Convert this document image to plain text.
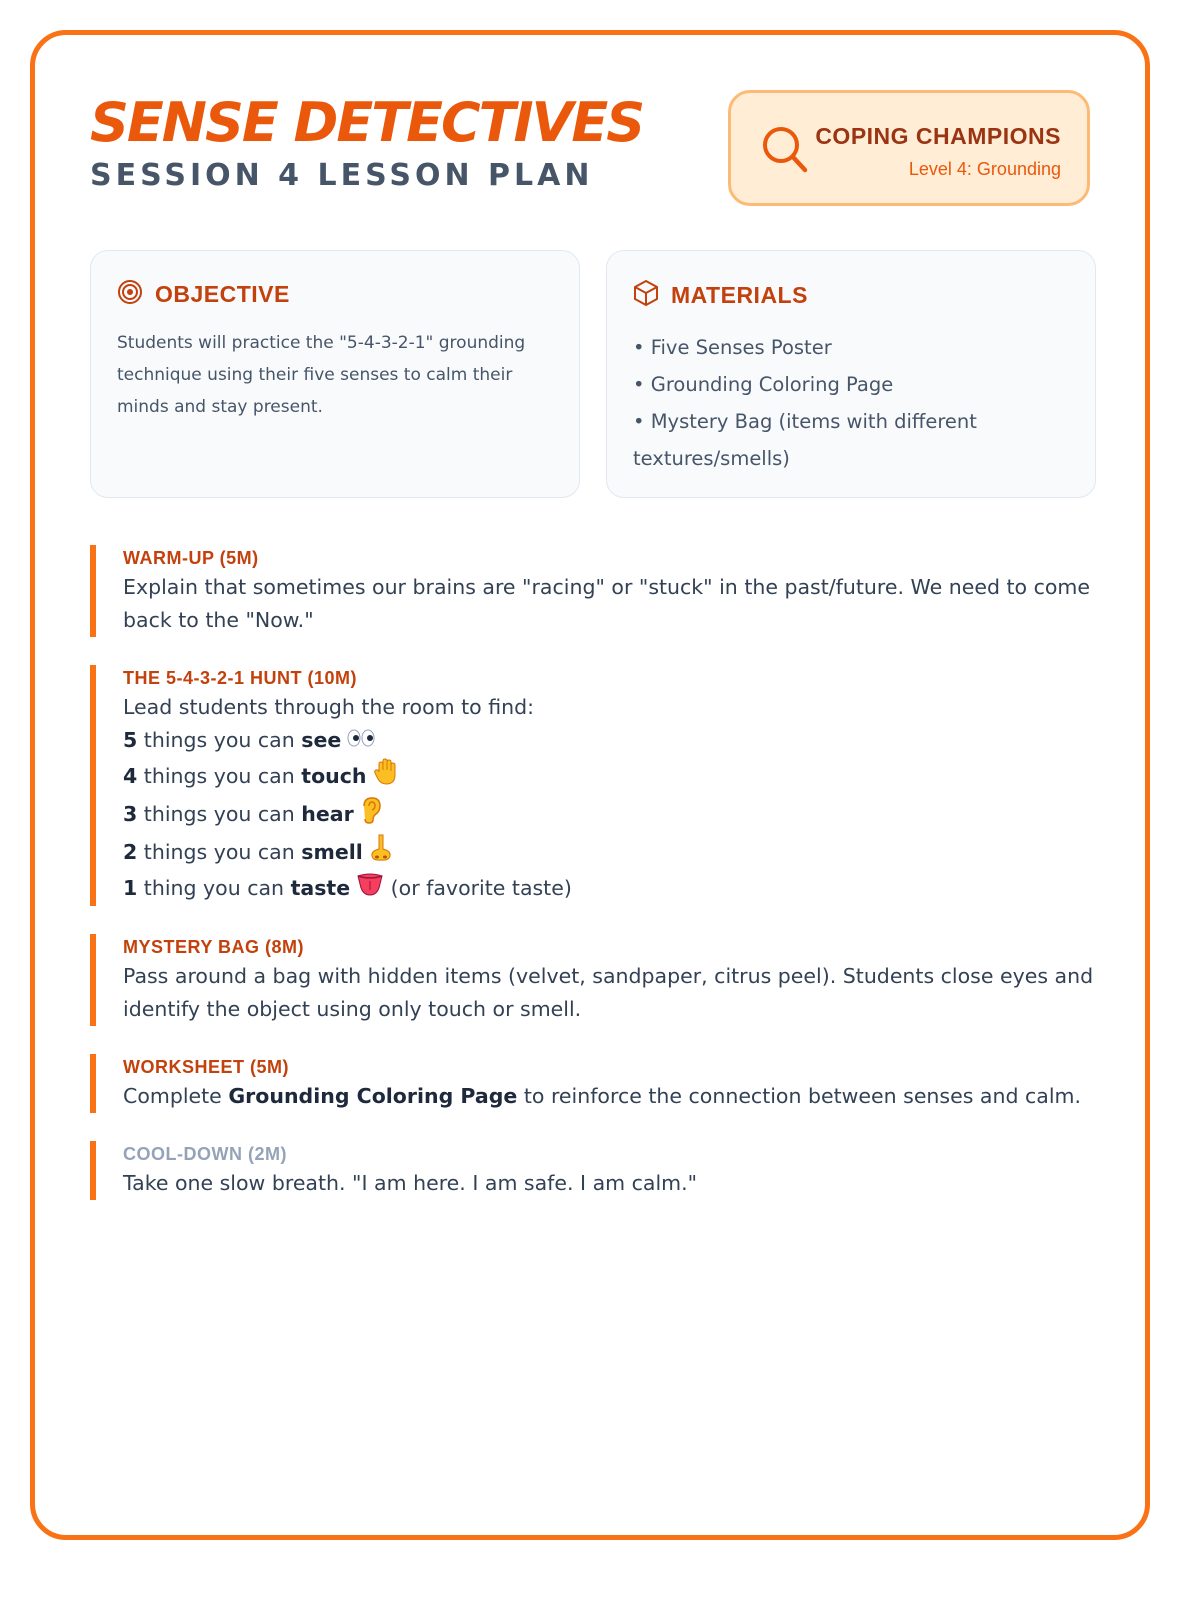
SENSE DETECTIVES
SESSION 4 LESSON PLAN
COPING CHAMPIONS
Level 4: Grounding
OBJECTIVE
Students will practice the "5-4-3-2-1" grounding technique using their five senses to calm their minds and stay present.
MATERIALS
• Five Senses Poster
• Grounding Coloring Page
• Mystery Bag (items with different textures/smells)
WARM-UP (5M)
Explain that sometimes our brains are "racing" or "stuck" in the past/future. We need to come back to the "Now."
THE 5-4-3-2-1 HUNT (10M)
Lead students through the room to find:
5 things you can see
4 things you can touch
3 things you can hear
2 things you can smell
1 thing you can taste (or favorite taste)
MYSTERY BAG (8M)
Pass around a bag with hidden items (velvet, sandpaper, citrus peel). Students close eyes and identify the object using only touch or smell.
WORKSHEET (5M)
Complete Grounding Coloring Page to reinforce the connection between senses and calm.
COOL-DOWN (2M)
Take one slow breath. "I am here. I am safe. I am calm."
